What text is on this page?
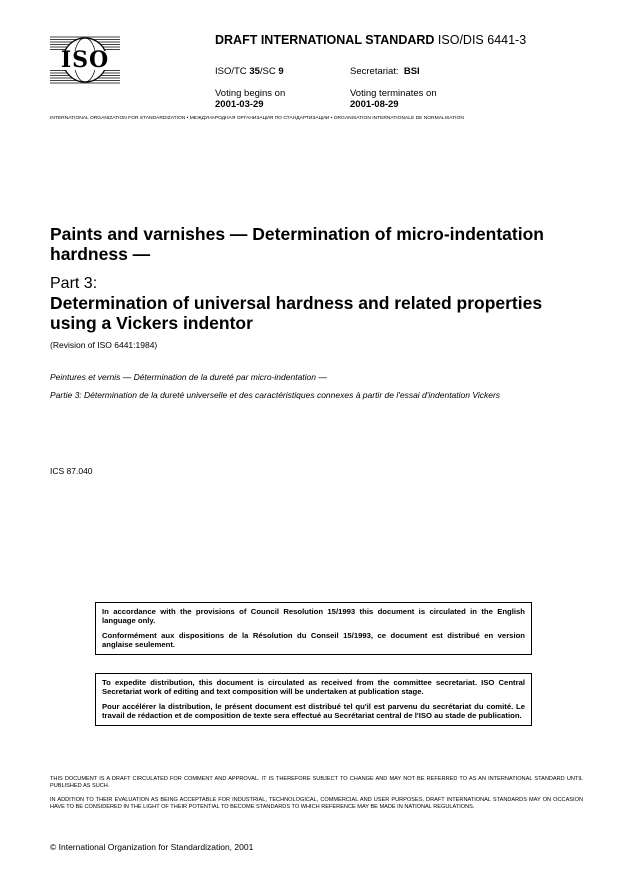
ISO
DRAFT INTERNATIONAL STANDARD ISO/DIS 6441-3
ISO/TC 35/SC 9	Secretariat: BSI
Voting begins on
2001-03-29
Voting terminates on
2001-08-29
INTERNATIONAL ORGANIZATION FOR STANDARDIZATION • МЕЖДУНАРОДНАЯ ОРГАНИЗАЦИЯ ПО СТАНДАРТИЗАЦИИ • ORGANISATION INTERNATIONALE DE NORMALISATION
Paints and varnishes — Determination of micro-indentation hardness —
Part 3:
Determination of universal hardness and related properties using a Vickers indentor
(Revision of ISO 6441:1984)
Peintures et vernis — Détermination de la dureté par micro-indentation —
Partie 3: Détermination de la dureté universelle et des caractéristiques connexes à partir de l'essai d'indentation Vickers
ICS 87.040

In accordance with the provisions of Council Resolution 15/1993 this document is circulated in the English language only.

Conformément aux dispositions de la Résolution du Conseil 15/1993, ce document est distribué en version anglaise seulement.

To expedite distribution, this document is circulated as received from the committee secretariat. ISO Central Secretariat work of editing and text composition will be undertaken at publication stage.

Pour accélérer la distribution, le présent document est distribué tel qu'il est parvenu du secrétariat du comité. Le travail de rédaction et de composition de texte sera effectué au Secrétariat central de l'ISO au stade de publication.

THIS DOCUMENT IS A DRAFT CIRCULATED FOR COMMENT AND APPROVAL. IT IS THEREFORE SUBJECT TO CHANGE AND MAY NOT BE REFERRED TO AS AN INTERNATIONAL STANDARD UNTIL PUBLISHED AS SUCH.
IN ADDITION TO THEIR EVALUATION AS BEING ACCEPTABLE FOR INDUSTRIAL, TECHNOLOGICAL, COMMERCIAL AND USER PURPOSES, DRAFT INTERNATIONAL STANDARDS MAY ON OCCASION HAVE TO BE CONSIDERED IN THE LIGHT OF THEIR POTENTIAL TO BECOME STANDARDS TO WHICH REFERENCE MAY BE MADE IN NATIONAL REGULATIONS.
© International Organization for Standardization, 2001
